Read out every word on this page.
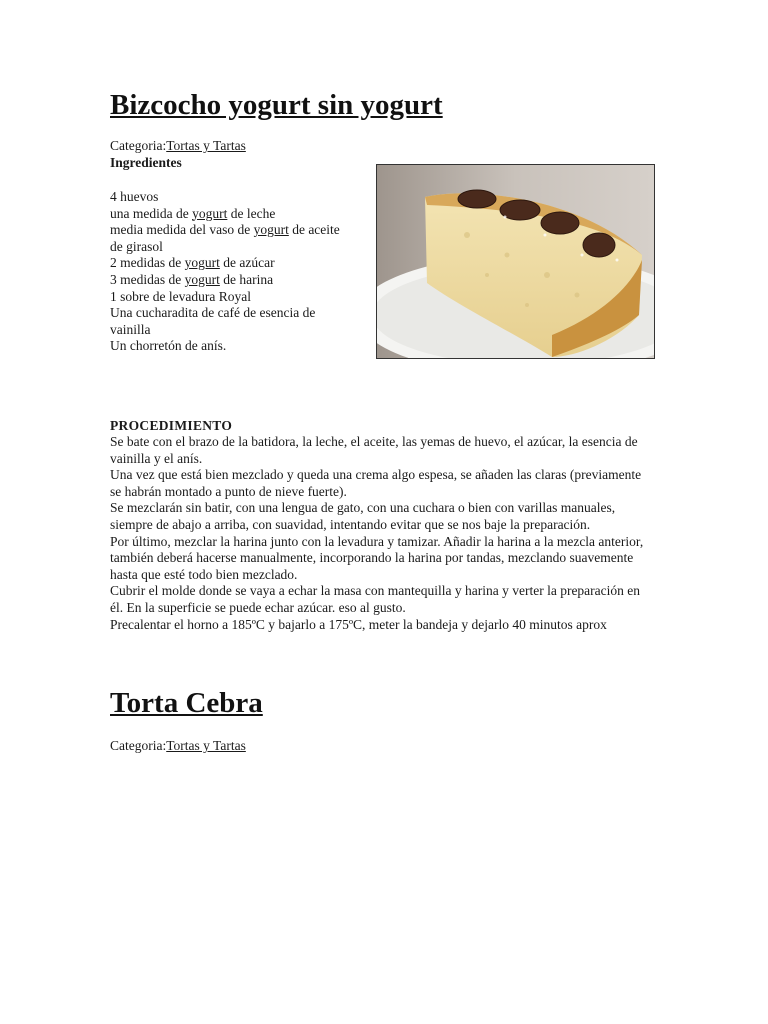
Bizcocho yogurt sin yogurt
Categoria:Tortas y Tartas
Ingredientes
4 huevos
una medida de yogurt de leche
media medida del vaso de yogurt de aceite de girasol
2 medidas de yogurt de azúcar
3 medidas de yogurt de harina
1 sobre de levadura Royal
Una cucharadita de café de esencia de vainilla
Un chorretón de anís.
PROCEDIMIENTO

Se bate con el brazo de la batidora, la leche, el aceite, las yemas de huevo, el azúcar, la esencia de vainilla y el anís.

Una vez que está bien mezclado y queda una crema algo espesa, se añaden las claras (previamente se habrán montado a punto de nieve fuerte).

Se mezclarán sin batir, con una lengua de gato, con una cuchara o bien con varillas manuales, siempre de abajo a arriba, con suavidad, intentando evitar que se nos baje la preparación.

Por último, mezclar la harina junto con la levadura y tamizar. Añadir la harina a la mezcla anterior, también deberá hacerse manualmente, incorporando la harina por tandas, mezclando suavemente hasta que esté todo bien mezclado.

Cubrir el molde donde se vaya a echar la masa con mantequilla y harina y verter la preparación en él. En la superficie se puede echar azúcar. eso al gusto.

Precalentar el horno a 185ºC y bajarlo a 175ºC, meter la bandeja y dejarlo 40 minutos aprox

Torta Cebra
Categoria:Tortas y Tartas
